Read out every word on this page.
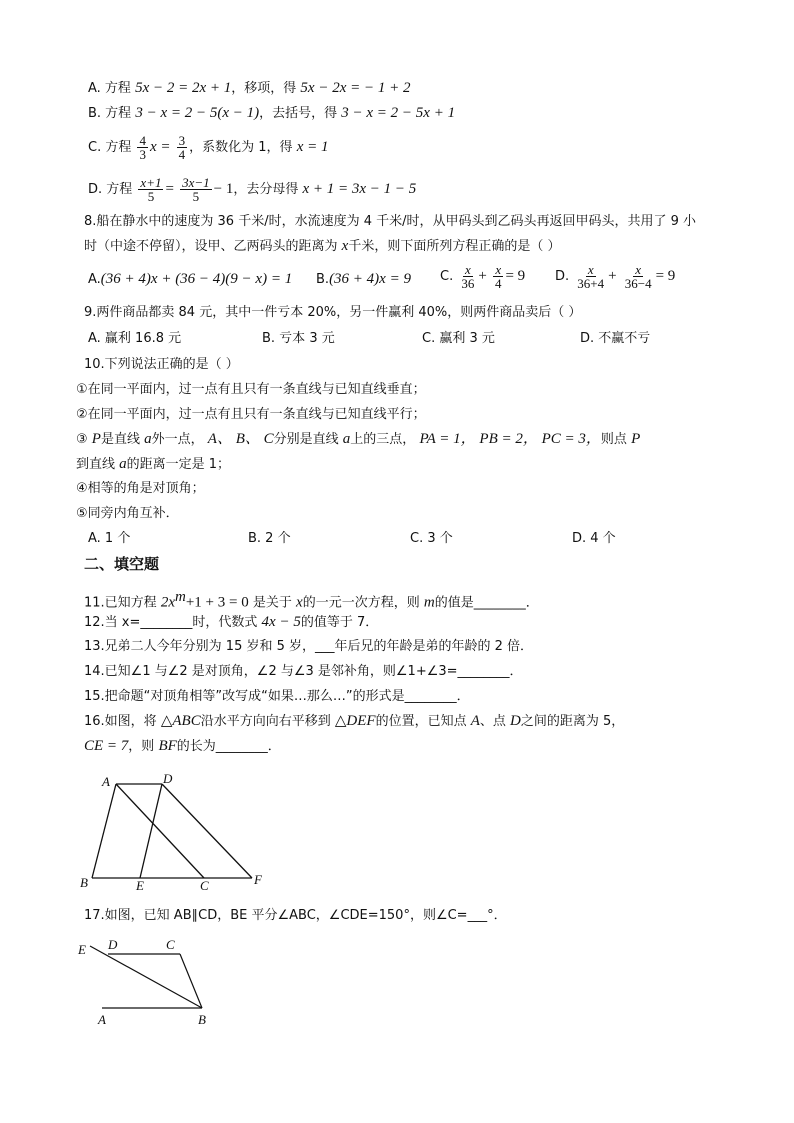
A. 方程 5x − 2 = 2x + 1，移项，得 5x − 2x = − 1 + 2
B. 方程 3 − x = 2 − 5(x − 1)，去括号，得 3 − x = 2 − 5x + 1
C. 方程 $\frac{4}{3}$ $x = \frac{3}{4}$ ，系数化为 1，得 x = 1
D. 方程 $\frac{x+1}{5} = \frac{3x-1}{5} - 1$，去分母得 x + 1 = 3x − 1 − 5
8.船在静水中的速度为 36 千米/时，水流速度为 4 千米/时，从甲码头到乙码头再返回甲码头，共用了 9 小
时（中途不停留），设甲、乙两码头的距离为 x千米，则下面所列方程正确的是（ ）
A.(36 + 4)x + (36 − 4)(9 − x) = 1 B.(36 + 4)x = 9 C. $\frac{x}{36} + \frac{x}{4} = 9$ D. $\frac{x}{36+4} + \frac{x}{36-4} = 9$
9.两件商品都卖 84 元，其中一件亏本 20%，另一件赢利 40%，则两件商品卖后（ ）
A. 赢利 16.8 元	B. 亏本 3 元	C. 赢利 3 元	D. 不赢不亏
10.下列说法正确的是（ ）
①在同一平面内，过一点有且只有一条直线与已知直线垂直；
②在同一平面内，过一点有且只有一条直线与已知直线平行；
③ P是直线 a外一点， A、 B、 C分别是直线 a上的三点， PA = 1， PB = 2， PC = 3，则点 P
到直线 a的距离一定是 1；
④相等的角是对顶角；
⑤同旁内角互补．
A. 1 个	B. 2 个	C. 3 个	D. 4 个
二、填空题
11.已知方程 $2x^m+1 + 3 = 0$ 是关于 x的一元一次方程，则 m的值是________．
12.当 x=________时，代数式 4x − 5的值等于 7．
13.兄弟二人今年分别为 15 岁和 5 岁，___年后兄的年龄是弟的年龄的 2 倍．
14.已知∠1 与∠2 是对顶角，∠2 与∠3 是邻补角，则∠1+∠3=________．
15.把命题“对顶角相等”改写成“如果…那么…”的形式是________．
16.如图，将 △ABC沿水平方向向右平移到 △DEF的位置，已知点 A、点 D之间的距离为 5，
CE = 7，则 BF的长为________．
A	D
B	E	C	F
17.如图，已知 AB∥CD，BE 平分∠ABC，∠CDE=150°，则∠C=___°．
E D	C
A	B
